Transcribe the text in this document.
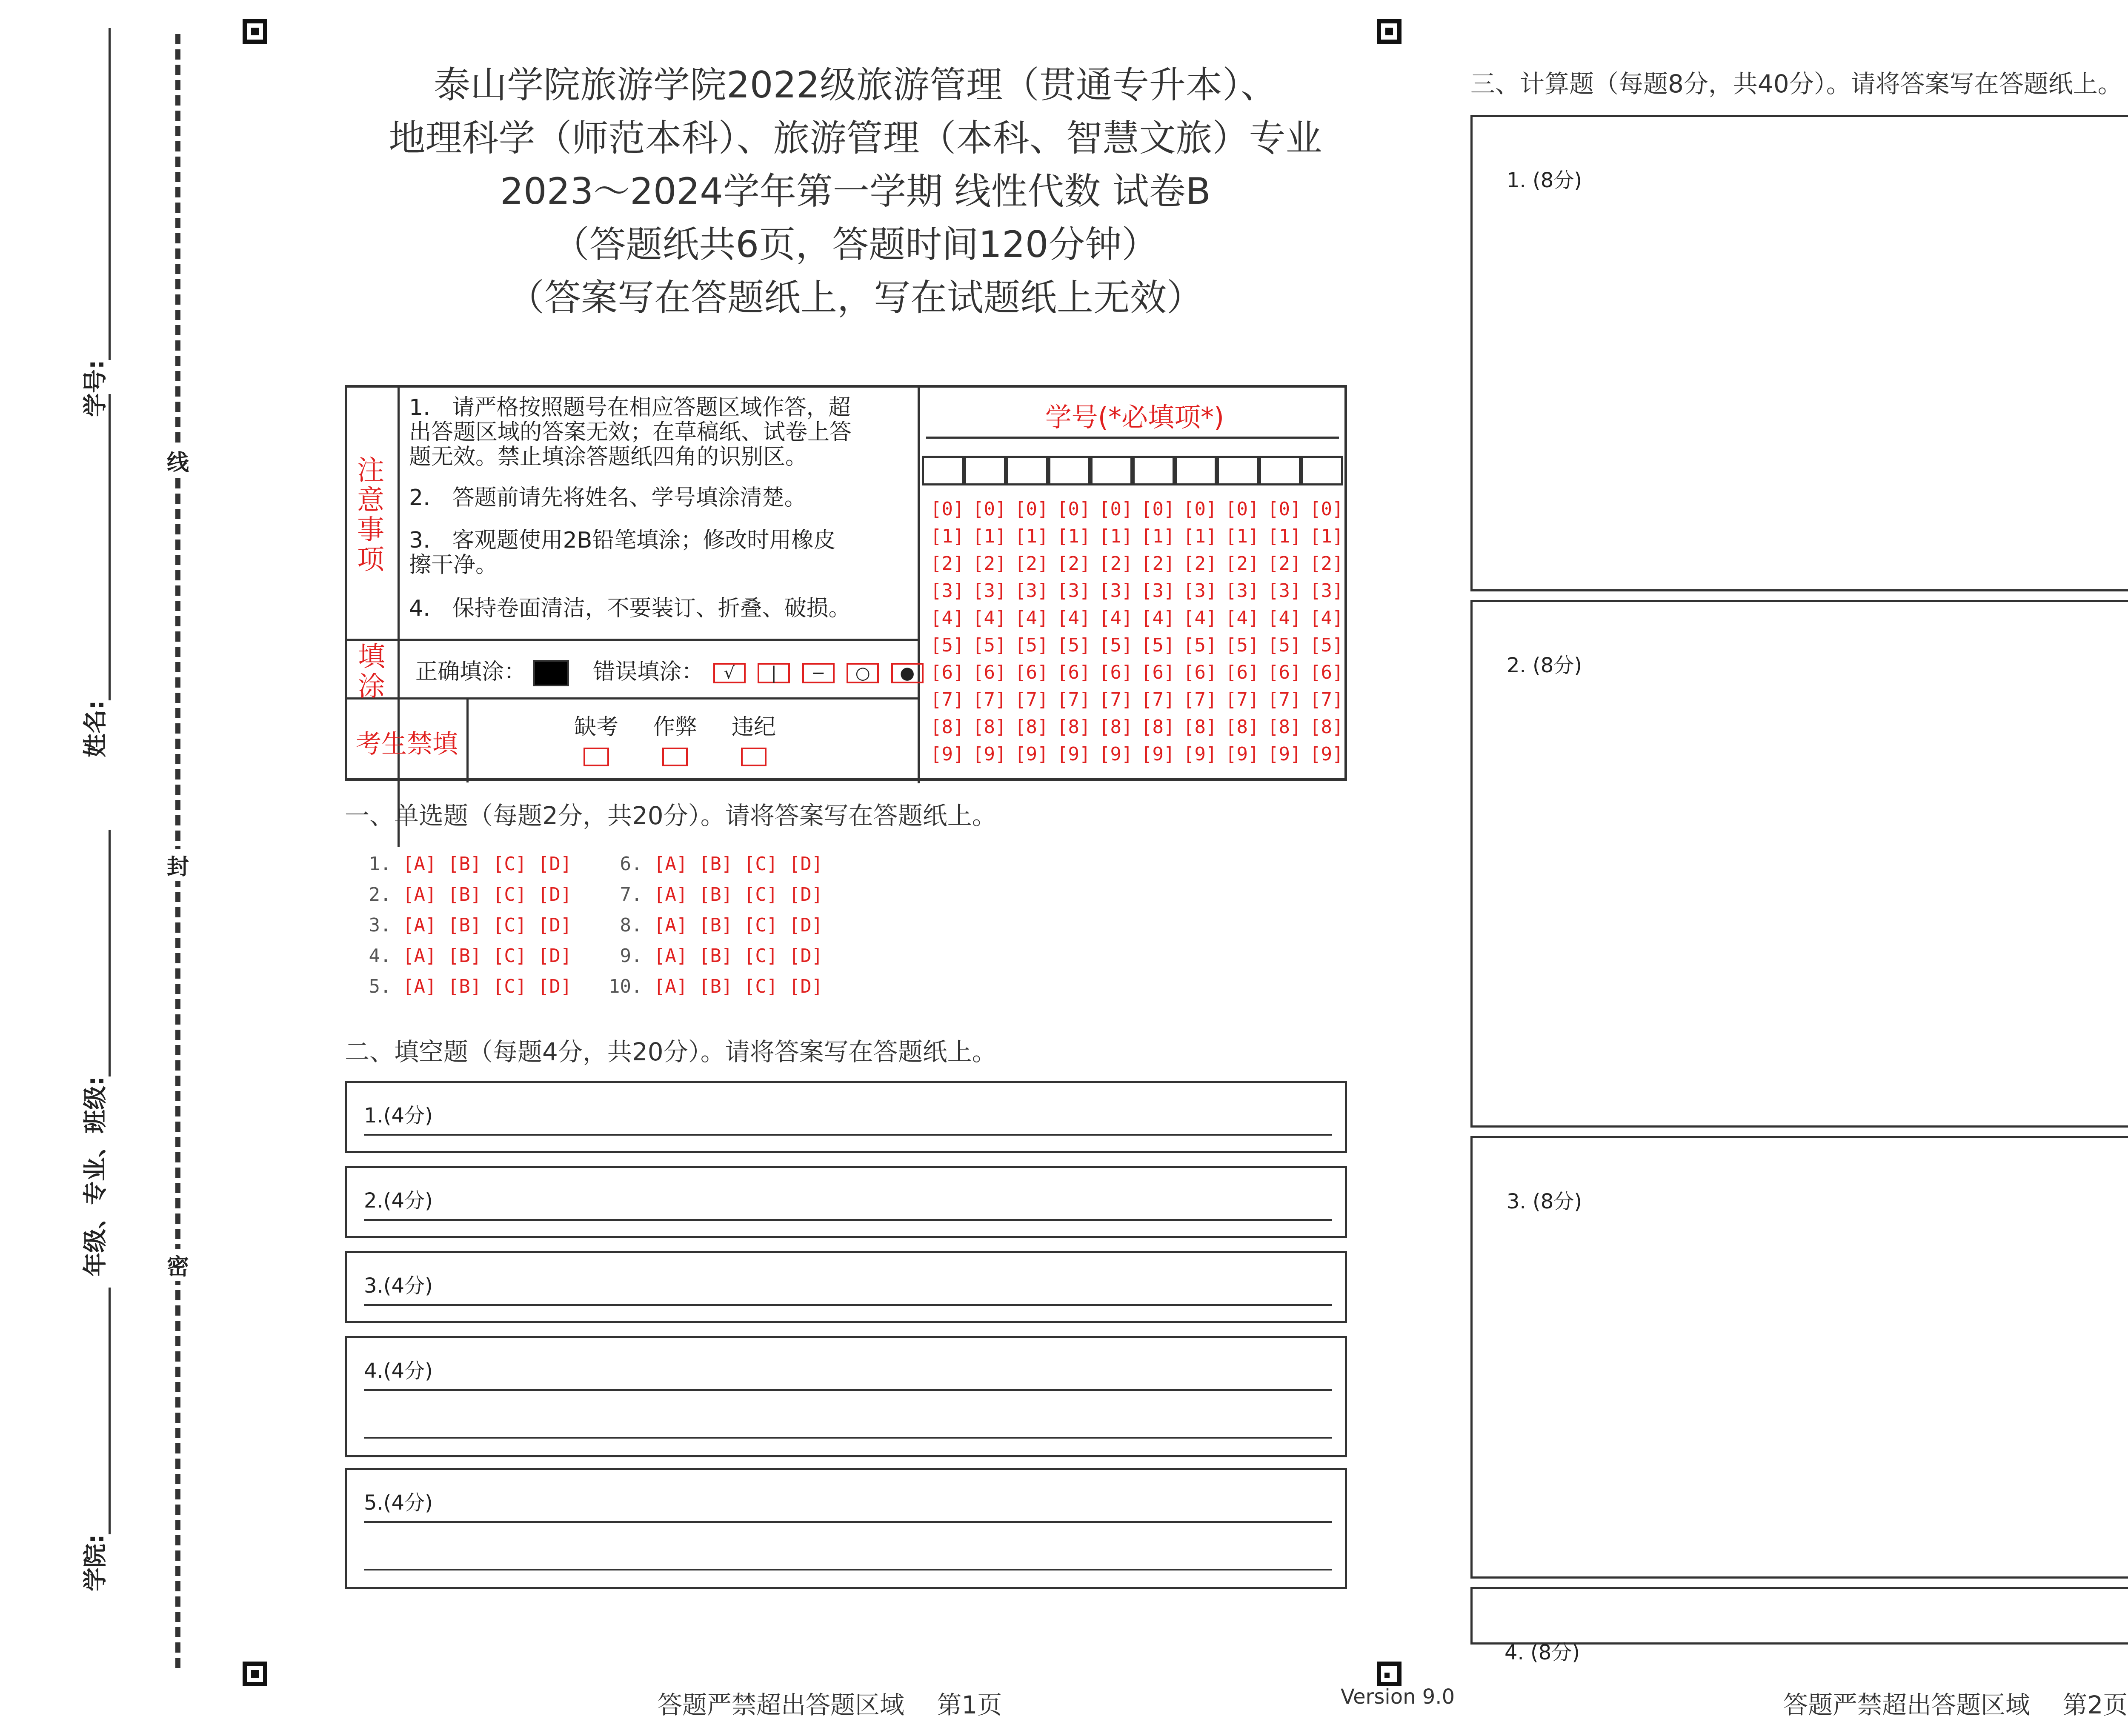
线
封
密
学号:
姓名:
年级、专业、班级:
学院:
泰山学院旅游学院2022级旅游管理（贯通专升本）、
地理科学（师范本科）、旅游管理（本科、智慧文旅）专业
2023～2024学年第一学期 线性代数 试卷B
（答题纸共6页，答题时间120分钟）
（答案写在答题纸上，写在试题纸上无效）
注意事项
1.　请严格按照题号在相应答题区域作答，超出答题区域的答案无效；在草稿纸、试卷上答题无效。禁止填涂答题纸四角的识别区。
2.　答题前请先将姓名、学号填涂清楚。
3.　客观题使用2B铅笔填涂；修改时用橡皮擦干净。
4.　保持卷面清洁，不要装订、折叠、破损。
填涂 正确填涂：	错误填涂： √ | − ○ ●
考生禁填
缺考 作弊 违纪
学号(*必填项*)
[0] [0] [0] [0] [0] [0] [0] [0] [0] [0]
[1] [1] [1] [1] [1] [1] [1] [1] [1] [1]
[2] [2] [2] [2] [2] [2] [2] [2] [2] [2]
[3] [3] [3] [3] [3] [3] [3] [3] [3] [3]
[4] [4] [4] [4] [4] [4] [4] [4] [4] [4]
[5] [5] [5] [5] [5] [5] [5] [5] [5] [5]
[6] [6] [6] [6] [6] [6] [6] [6] [6] [6]
[7] [7] [7] [7] [7] [7] [7] [7] [7] [7]
[8] [8] [8] [8] [8] [8] [8] [8] [8] [8]
[9] [9] [9] [9] [9] [9] [9] [9] [9] [9]
一、单选题（每题2分，共20分）。请将答案写在答题纸上。
1. [A] [B] [C] [D]
2. [A] [B] [C] [D]
3. [A] [B] [C] [D]
4. [A] [B] [C] [D]
5. [A] [B] [C] [D]
6. [A] [B] [C] [D]
7. [A] [B] [C] [D]
8. [A] [B] [C] [D]
9. [A] [B] [C] [D]
10. [A] [B] [C] [D]
二、填空题（每题4分，共20分）。请将答案写在答题纸上。
1.(4分)
2.(4分)
3.(4分)
4.(4分)
5.(4分)
三、计算题（每题8分，共40分）。请将答案写在答题纸上。
1. (8分)
2. (8分)
3. (8分)
4. (8分)
答题严禁超出答题区域　 第1页	Version 9.0	答题严禁超出答题区域　 第2页
